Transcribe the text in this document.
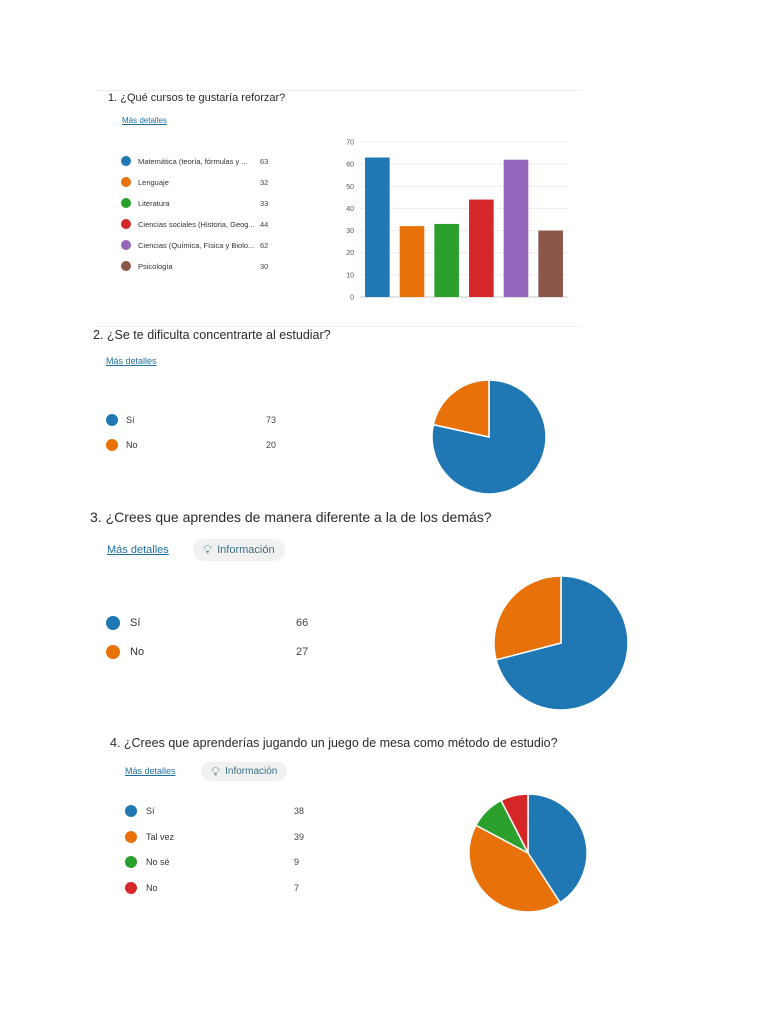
1. ¿Qué cursos te gustaría reforzar?
Más detalles
Matemática (teoría, fórmulas y ...	63
Lenguaje	32
Literatura	33
Ciencias sociales (Historia, Geog... 44
Ciencias (Química, Física y Biolo... 62
Psicología	30
0
10
20
30
40
50
60
70
2. ¿Se te dificulta concentrarte al estudiar?
Más detalles
Sí	73
No	20
3. ¿Crees que aprendes de manera diferente a la de los demás?
Más detalles	💡︎ Información
Sí	66
No	27
4. ¿Crees que aprenderías jugando un juego de mesa como método de estudio?
Más detalles	💡︎ Información
Sí	38
Tal vez	39
No sé	9
No	7
